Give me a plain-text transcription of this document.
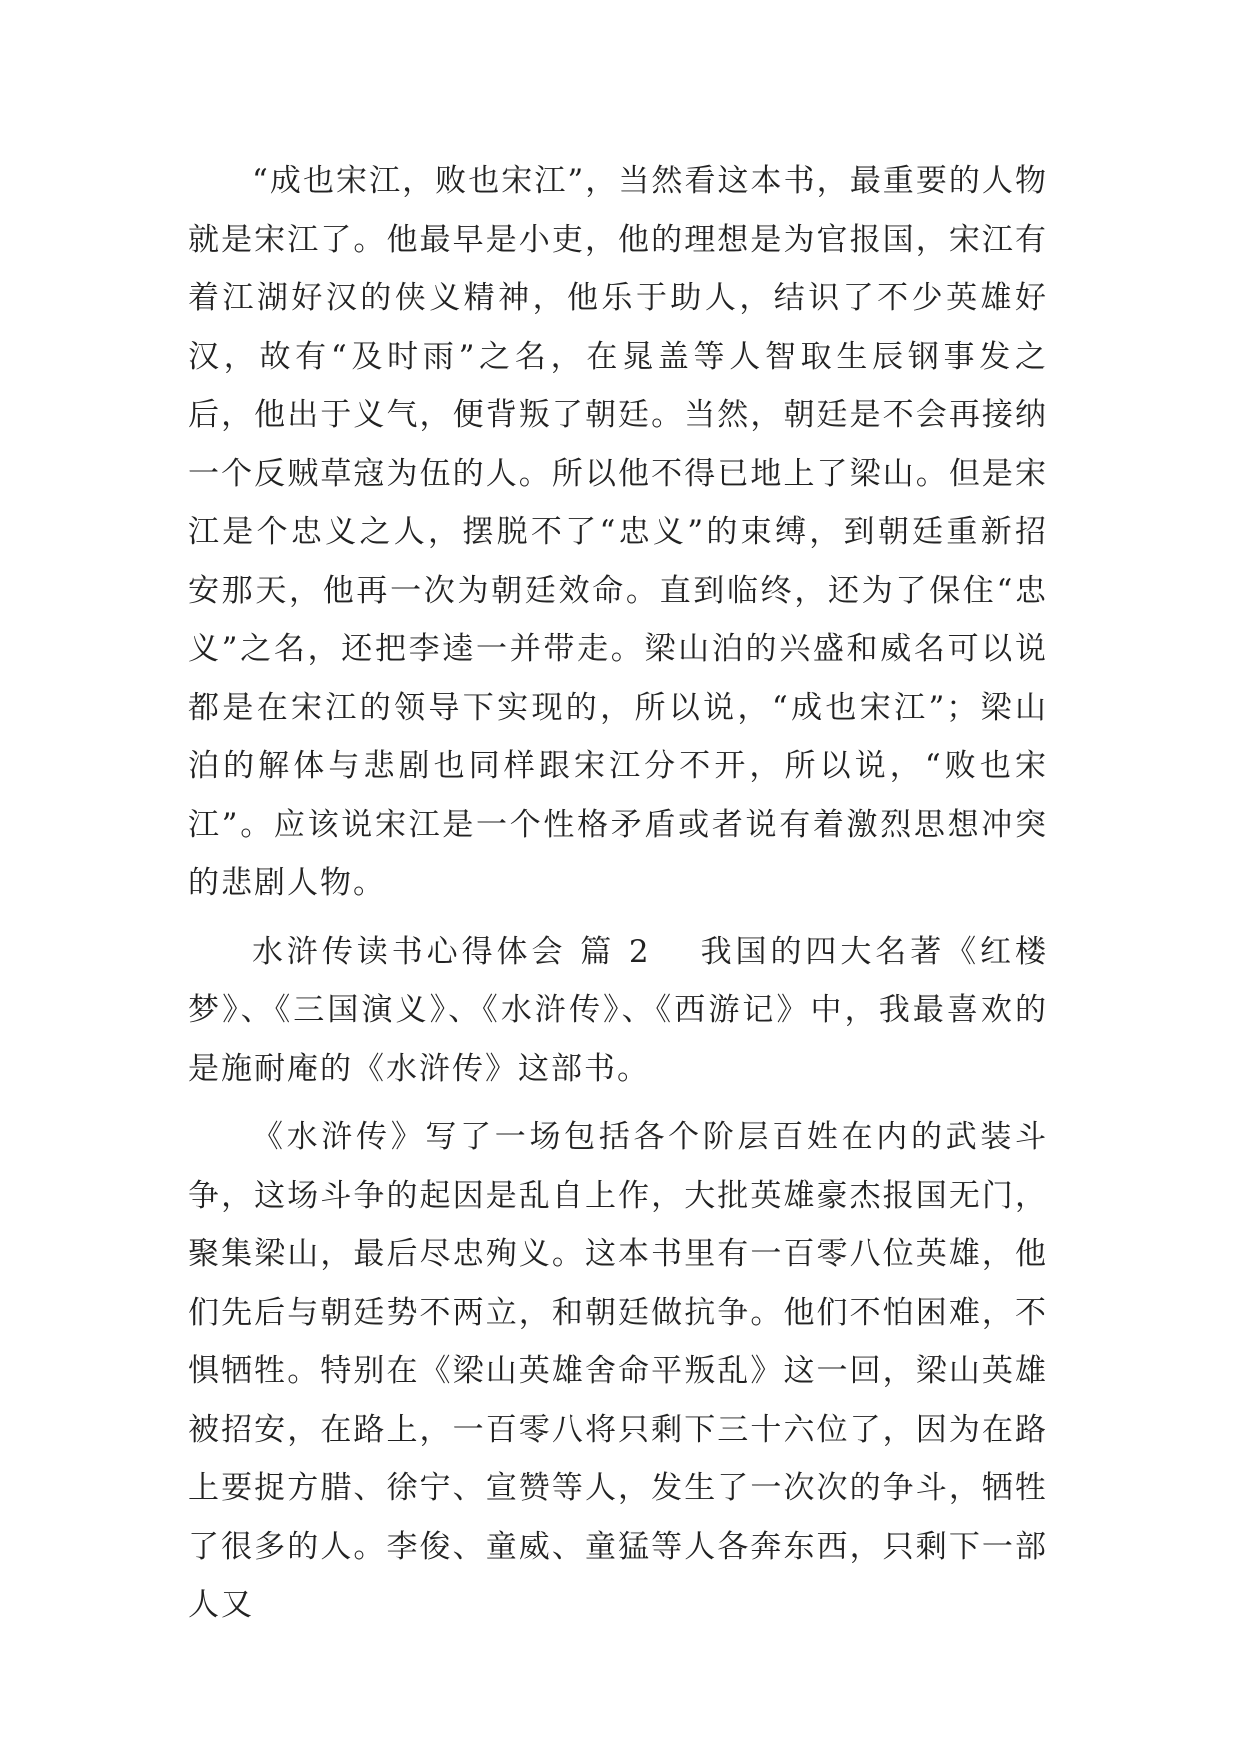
“成也宋江，败也宋江”，当然看这本书，最重要的人物就是宋江了。他最早是小吏，他的理想是为官报国，宋江有着江湖好汉的侠义精神，他乐于助人，结识了不少英雄好汉，故有“及时雨”之名，在晁盖等人智取生辰钢事发之后，他出于义气，便背叛了朝廷。当然，朝廷是不会再接纳一个反贼草寇为伍的人。所以他不得已地上了梁山。但是宋江是个忠义之人，摆脱不了“忠义”的束缚，到朝廷重新招安那天，他再一次为朝廷效命。直到临终，还为了保住“忠义”之名，还把李逵一并带走。梁山泊的兴盛和威名可以说都是在宋江的领导下实现的，所以说，“成也宋江”；梁山泊的解体与悲剧也同样跟宋江分不开，所以说，“败也宋江”。应该说宋江是一个性格矛盾或者说有着激烈思想冲突的悲剧人物。

水浒传读书心得体会 篇 2 我国的四大名著《红楼梦》、《三国演义》、《水浒传》、《西游记》中，我最喜欢的是施耐庵的《水浒传》这部书。

《水浒传》写了一场包括各个阶层百姓在内的武装斗争，这场斗争的起因是乱自上作，大批英雄豪杰报国无门，聚集梁山，最后尽忠殉义。这本书里有一百零八位英雄，他们先后与朝廷势不两立，和朝廷做抗争。他们不怕困难，不惧牺牲。特别在《梁山英雄舍命平叛乱》这一回，梁山英雄被招安，在路上，一百零八将只剩下三十六位了，因为在路上要捉方腊、徐宁、宣赞等人，发生了一次次的争斗，牺牲了很多的人。李俊、童威、童猛等人各奔东西，只剩下一部人又
